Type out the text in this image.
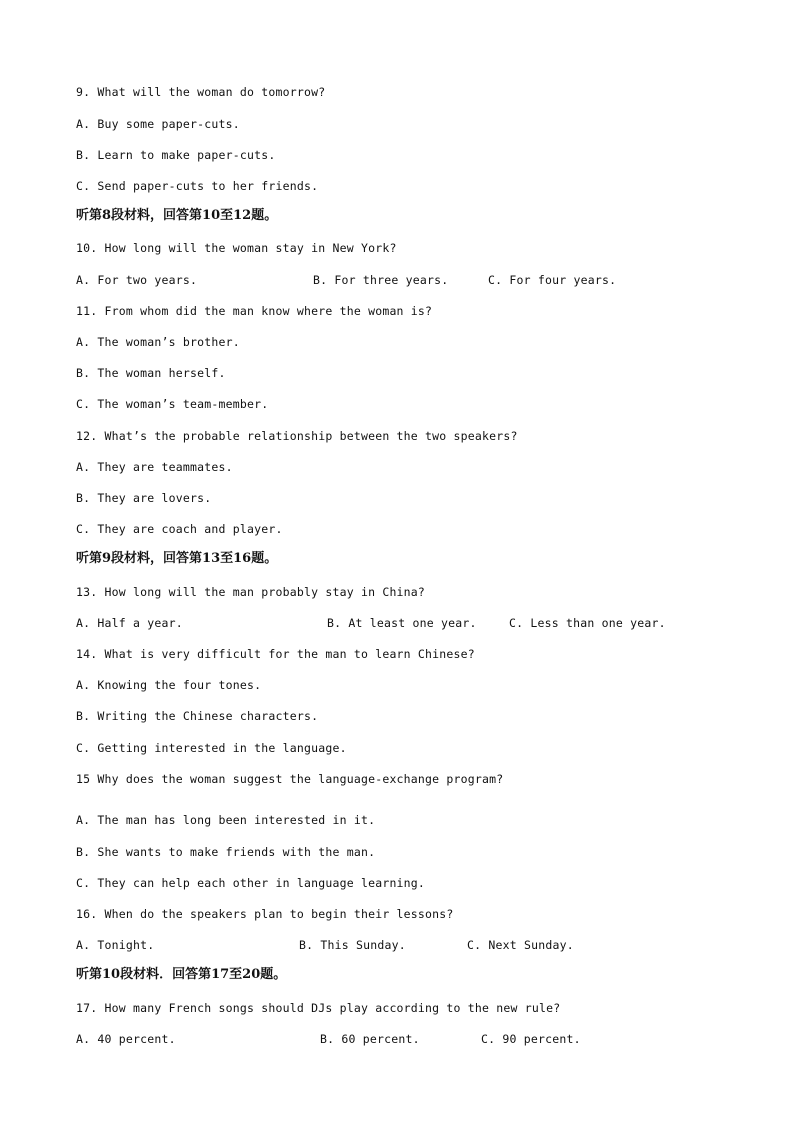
9. What will the woman do tomorrow?
A. Buy some paper-cuts.
B. Learn to make paper-cuts.
C. Send paper-cuts to her friends.
听第8段材料，回答第10至12题。
10. How long will the woman stay in New York?
A. For two years.	B. For three years.	C. For four years.
11. From whom did the man know where the woman is?
A. The woman’s brother.
B. The woman herself.
C. The woman’s team-member.
12. What’s the probable relationship between the two speakers?
A. They are teammates.
B. They are lovers.
C. They are coach and player.
听第9段材料，回答第13至16题。
13. How long will the man probably stay in China?
A. Half a year.	B. At least one year.	C. Less than one year.
14. What is very difficult for the man to learn Chinese?
A. Knowing the four tones.
B. Writing the Chinese characters.
C. Getting interested in the language.
15 Why does the woman suggest the language-exchange program?
A. The man has long been interested in it.
B. She wants to make friends with the man.
C. They can help each other in language learning.
16. When do the speakers plan to begin their lessons?
A. Tonight.	B. This Sunday.	C. Next Sunday.
听第10段材料．回答第17至20题。
17. How many French songs should DJs play according to the new rule?
A. 40 percent.	B. 60 percent.	C. 90 percent.
